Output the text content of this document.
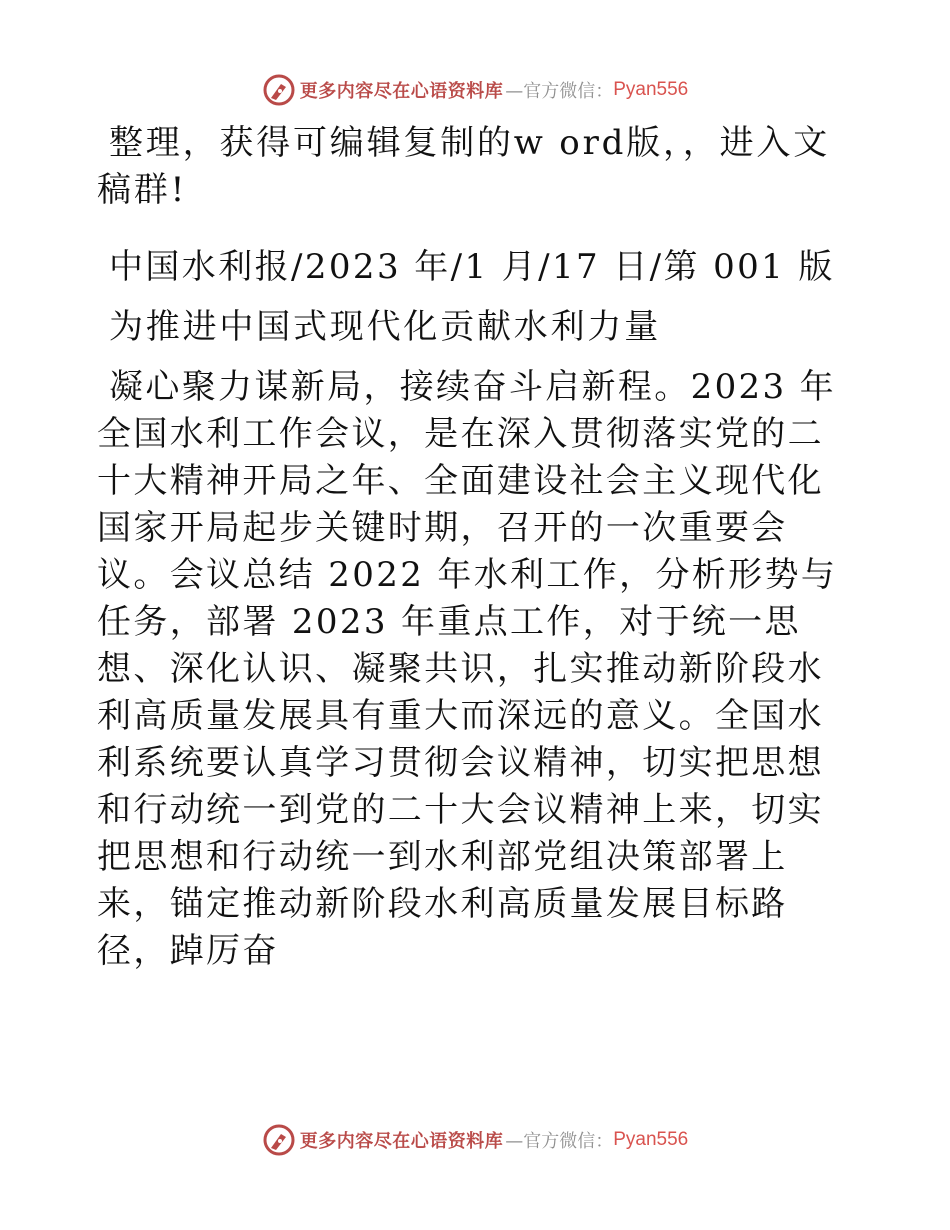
更多内容尽在心语资料库 —官方微信： Pyan556

整理，获得可编辑复制的w ord版，，进入文稿群!

中国水利报/2023 年/1 月/17 日/第 001 版

为推进中国式现代化贡献水利力量

凝心聚力谋新局，接续奋斗启新程。2023 年全国水利工作会议，是在深入贯彻落实党的二十大精神开局之年、全面建设社会主义现代化国家开局起步关键时期，召开的一次重要会议。会议总结 2022 年水利工作，分析形势与任务，部署 2023 年重点工作，对于统一思想、深化认识、凝聚共识，扎实推动新阶段水利高质量发展具有重大而深远的意义。全国水利系统要认真学习贯彻会议精神，切实把思想和行动统一到党的二十大会议精神上来，切实把思想和行动统一到水利部党组决策部署上来，锚定推动新阶段水利高质量发展目标路径，踔厉奋

更多内容尽在心语资料库 —官方微信： Pyan556
